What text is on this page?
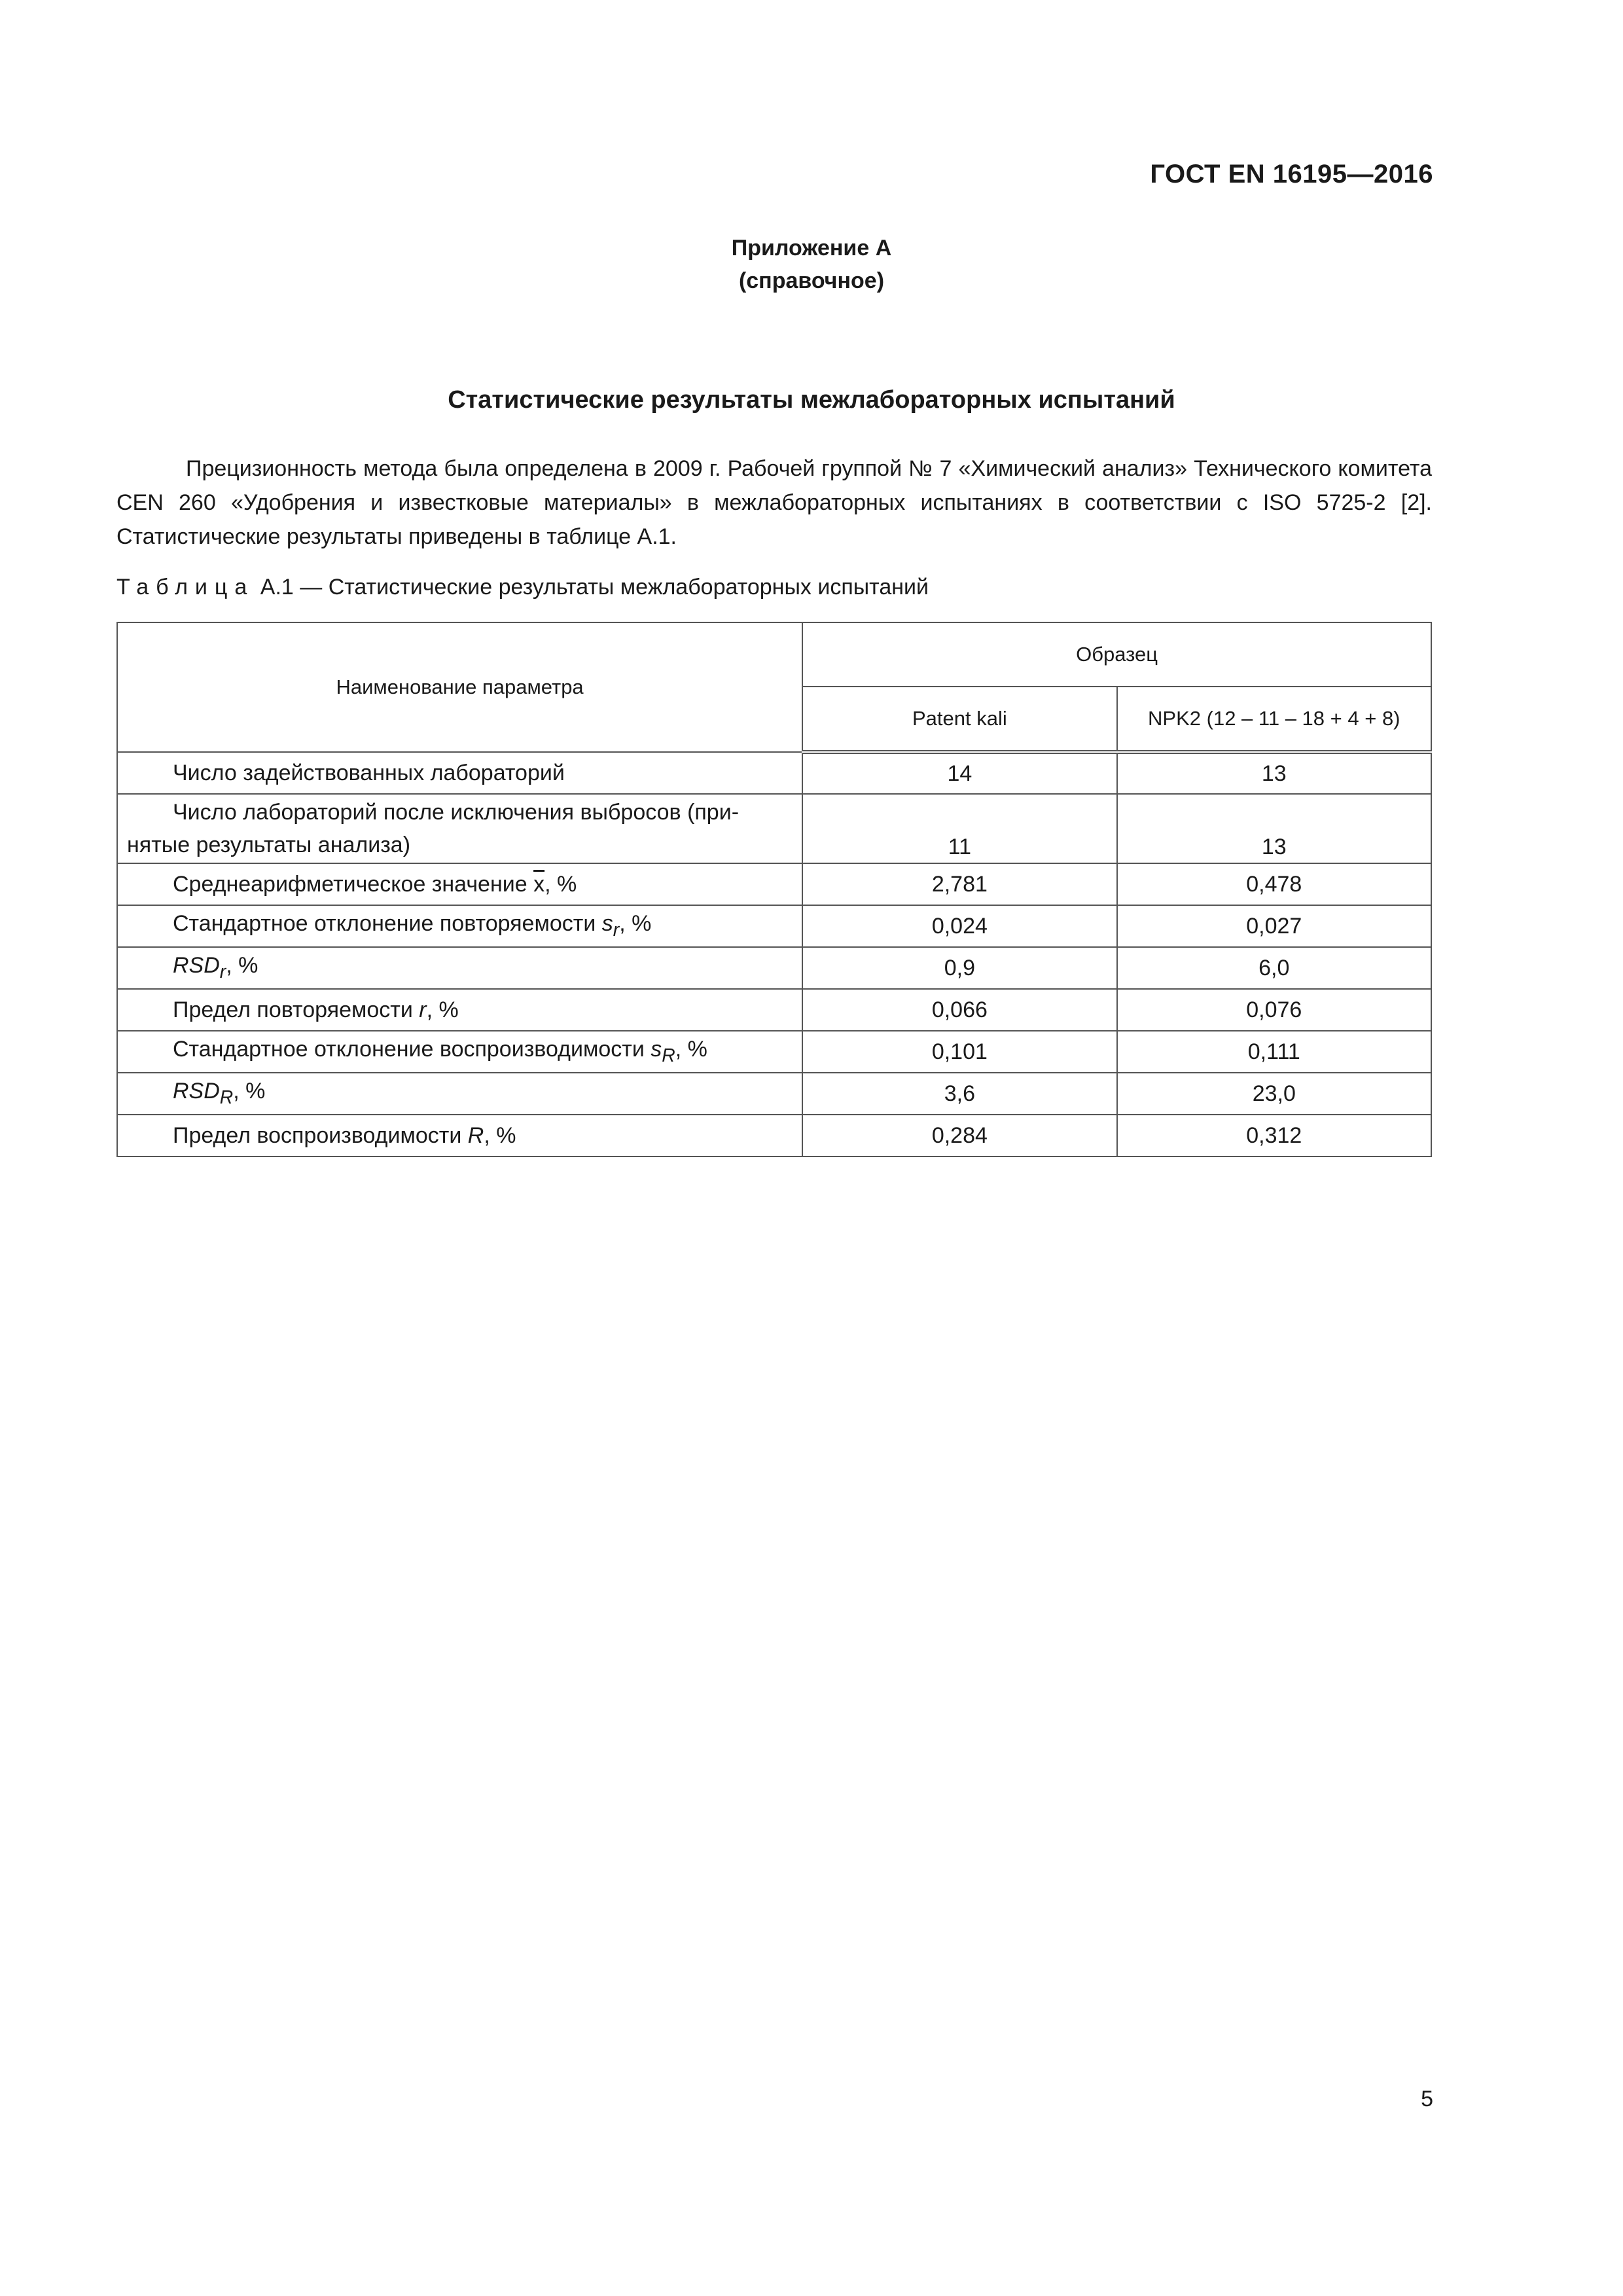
ГОСТ EN 16195—2016
Приложение А
(справочное)
Статистические результаты межлабораторных испытаний
Прецизионность метода была определена в 2009 г. Рабочей группой № 7 «Химический анализ» Технического комитета CEN 260 «Удобрения и известковые материалы» в межлабораторных испытаниях в соответствии с ISO 5725-2 [2]. Статистические результаты приведены в таблице А.1.
Таблица А.1 — Статистические результаты межлабораторных испытаний
Наименование параметра	Образец	
	Patent kali	NPK2 (12 – 11 – 18 + 4 + 8)
Число задействованных лабораторий	14	13
Число лабораторий после исключения выбросов (при-нятые результаты анализа)	11	13
Среднеарифметическое значение $\overline{x}$, %	2,781	0,478
Стандартное отклонение повторяемости $s_r$, %	0,024	0,027
$RSD_r$, %	0,9	6,0
Предел повторяемости r, %	0,066	0,076
Стандартное отклонение воспроизводимости $s_R$, %	0,101	0,111
$RSD_R$, %	3,6	23,0
Предел воспроизводимости R, %	0,284	0,312
5
